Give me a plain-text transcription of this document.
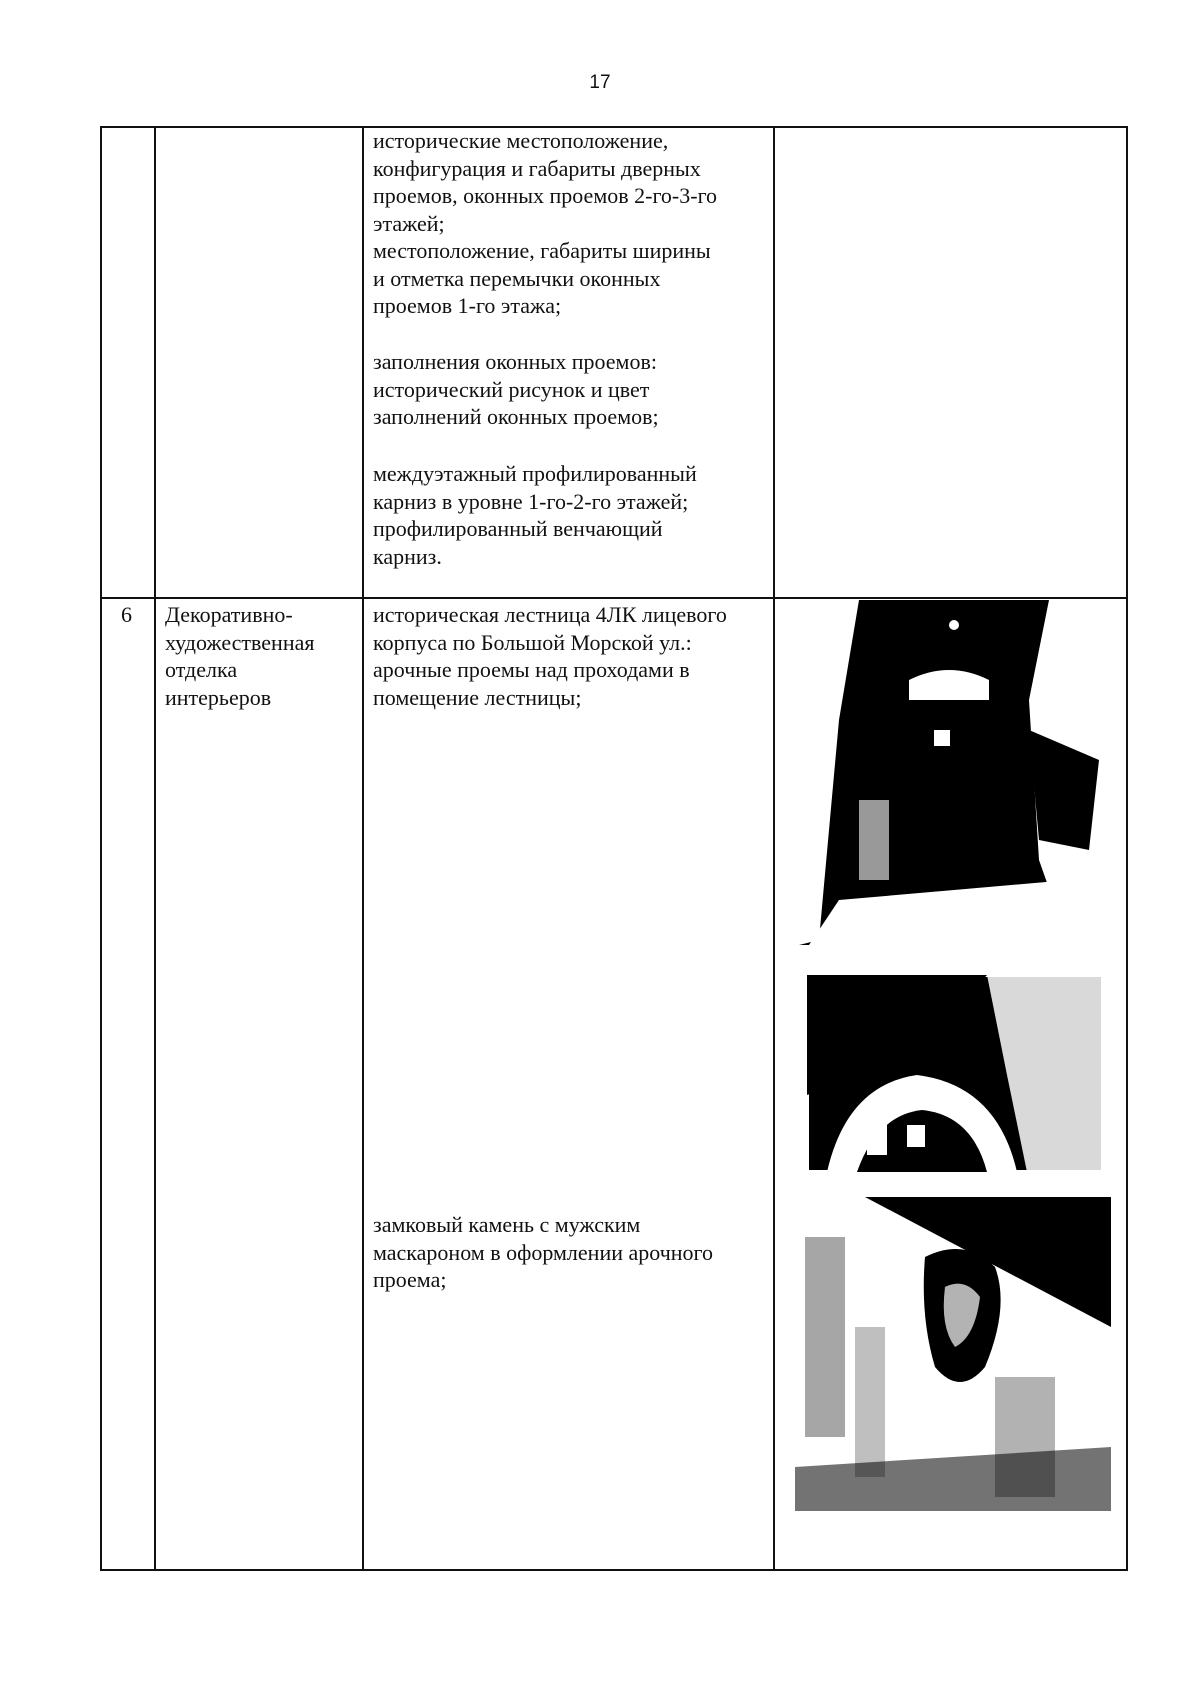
17
исторические местоположение,
конфигурация и габариты дверных
проемов, оконных проемов 2-го-3-го
этажей;
местоположение, габариты ширины
и отметка перемычки оконных
проемов 1-го этажа;
заполнения оконных проемов:
исторический рисунок и цвет
заполнений оконных проемов;
междуэтажный профилированный
карниз в уровне 1-го-2-го этажей;
профилированный венчающий
карниз.
6 Декоративно-
художественная
отделка
интерьеров
историческая лестница 4ЛК лицевого
корпуса по Большой Морской ул.:
арочные проемы над проходами в
помещение лестницы;
замковый камень с мужским
маскароном в оформлении арочного
проема;
